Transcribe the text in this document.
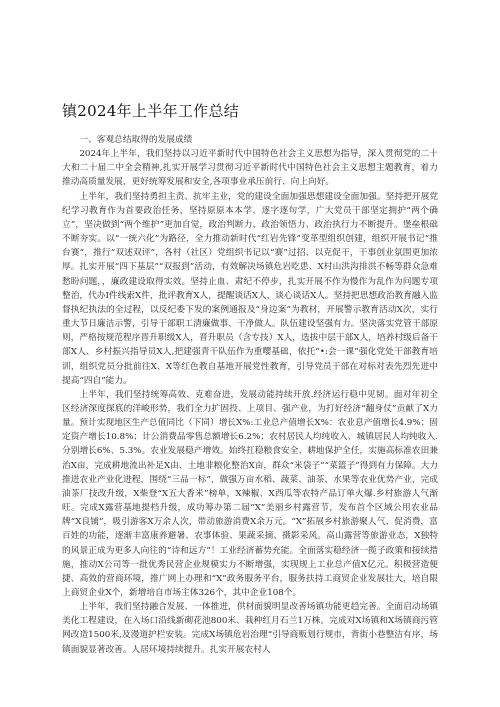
镇2024年上半年工作总结

一、客观总结取得的发展成绩

2024年上半年，我们坚持以习近平新时代中国特色社会主义思想为指导，深入贯彻党的二十大和二十届二中全会精神,扎实开展学习贯彻习近平新时代中国特色社会主义思想主题教育，着力推动高质量发展，更好统筹发展和安全,各项事业承压前行、向上向好。

上半年，我们坚持勇担主责、抗牢主业，党的建设全面加强思想建设全面加强。坚持把开展党纪学习教育作为首要政治任务，坚持原原本本学、逐字逐句学，广大党员干部坚定拥护“两个确立”，坚决做到“两个维护”更加自觉，政治判断力、政治领悟力、政治执行力不断提升。堡垒根础不断夯实。以“一统六化”为路径，全力推动新时代“红岩先锋”变革型组织创建，组织开展书记“推台赛”，推行“双述双评”，各村（社区）党组织书记以“赛”过招、以克促干，干事创业氛围更加浓厚。扎实开展“四下基层”“双报到”活动，有效解决场镇危岩吃患、X村山洪沟排洪不畅等群众急难愁盼问题，，廉政建设取得实效。坚持止血、肃纪不停步，扎实开展不作为慢作为乱作为问题专项整治，代办Ⅰ件线索X件，批评教育X人，提醒谈话X人，谈心谈话X人。坚持把思想政治教育融入监督执纪执法的全过程，以反纪委下发的案例通报及“身边案”为教材，开展警示教育活动X次，实行重大节日廉洁示警，引导干部职工清廉做事、干净做人。队伍建设坚强有力。坚决落实党管干部原则，严格按规范程序晋升职级X人，晋升职员（含专技）X人，选拔中层干部X人，培养村级后备干部X人、乡村振兴指导员X人,把建强青干队伍作为重嘤基础，依托“•:会一课”强化党处干部教育培训，组织党员分批前往X、X等红色教自基地开展党性教育，引导党员干部在对标对表先烈先进中提高“四自”能力。

上半年，我们坚持统筹高效、克难奋进，发展动能持续开放.经济运行稳中见韧。面对年初全区经济深度探底的洋峻形势，我们全力扩固投、上项目、强产业，为打好经济“翻身仗”贡献了X力量。预计实现地区生产总值同比（下同）增长X%:工业总产值增长X%：农业息产值增长4.9%；固定资产增长10.8%；计公消费品零售总额增长6.2%；农村居民人均纯收入、城镇居民人均纯收入.分别增长6%、5.3%。农业发展稳产增效。始终扛稳粮食安全、耕地保护全任，实施高标准农田兼治X亩，完成耕地流出补足X由、土地非粮化整治X亩，群众“米袋子”“菜篮子”得到有力保障。大力推进农业产业化进程，围绕“三品一标”，做强万亩水稻、蔬菜、油茶、水果等农业优势产业，完成油茶厂技改升级，X柴登“X五大香米”榜单，X辣椒、X西瓜等农特产品订单火爆.乡村旅游人气渐旺。完成X露营基地提档升级，成功筹办第二届“X”美丽乡村露营节，发布首个区域公用农业品牌“X良铺”，吸引游客X万余人次，带动旅游消费X余万元。“X”拓展乡村旅游聚人气、促消费，富百姓的功能，逐渐丰富康养避暑、农事体验、果蔬采摘、摄影采风。高山露营等旅游业态，X独特的风景正成为更多人向往的“诗和远方”！工业经济蓄势充能。全面落实稳经济一揽子政策和接续措施，推动X公司等一批优秀民营企业规模实力不断增强，实现规上工业总产值X亿元。积极营造便捷、高效的营商环境，推广网上办理和“X”政务服务平台，服务扶持工商贸企业发展壮大，培自限上商贸企业X个，新增培自市场主体326个，其中企业108个。

上半年，我们坚持融合发展、一体推进，供材面貌明显改善场镇功能更趋完善。全面启动场镇美化工程建设，在入场口沿线新砌花池800米、栽种红月石兰1万株。完成对X场镇和X场镇商污管网改造1500米,及漫道护栏安装。完成X场镇危岩治理“引导商贩划行规市，背街小巷整洁有序，场镇面貌显著改善。人居环境持续提升。扎实开展农村人
